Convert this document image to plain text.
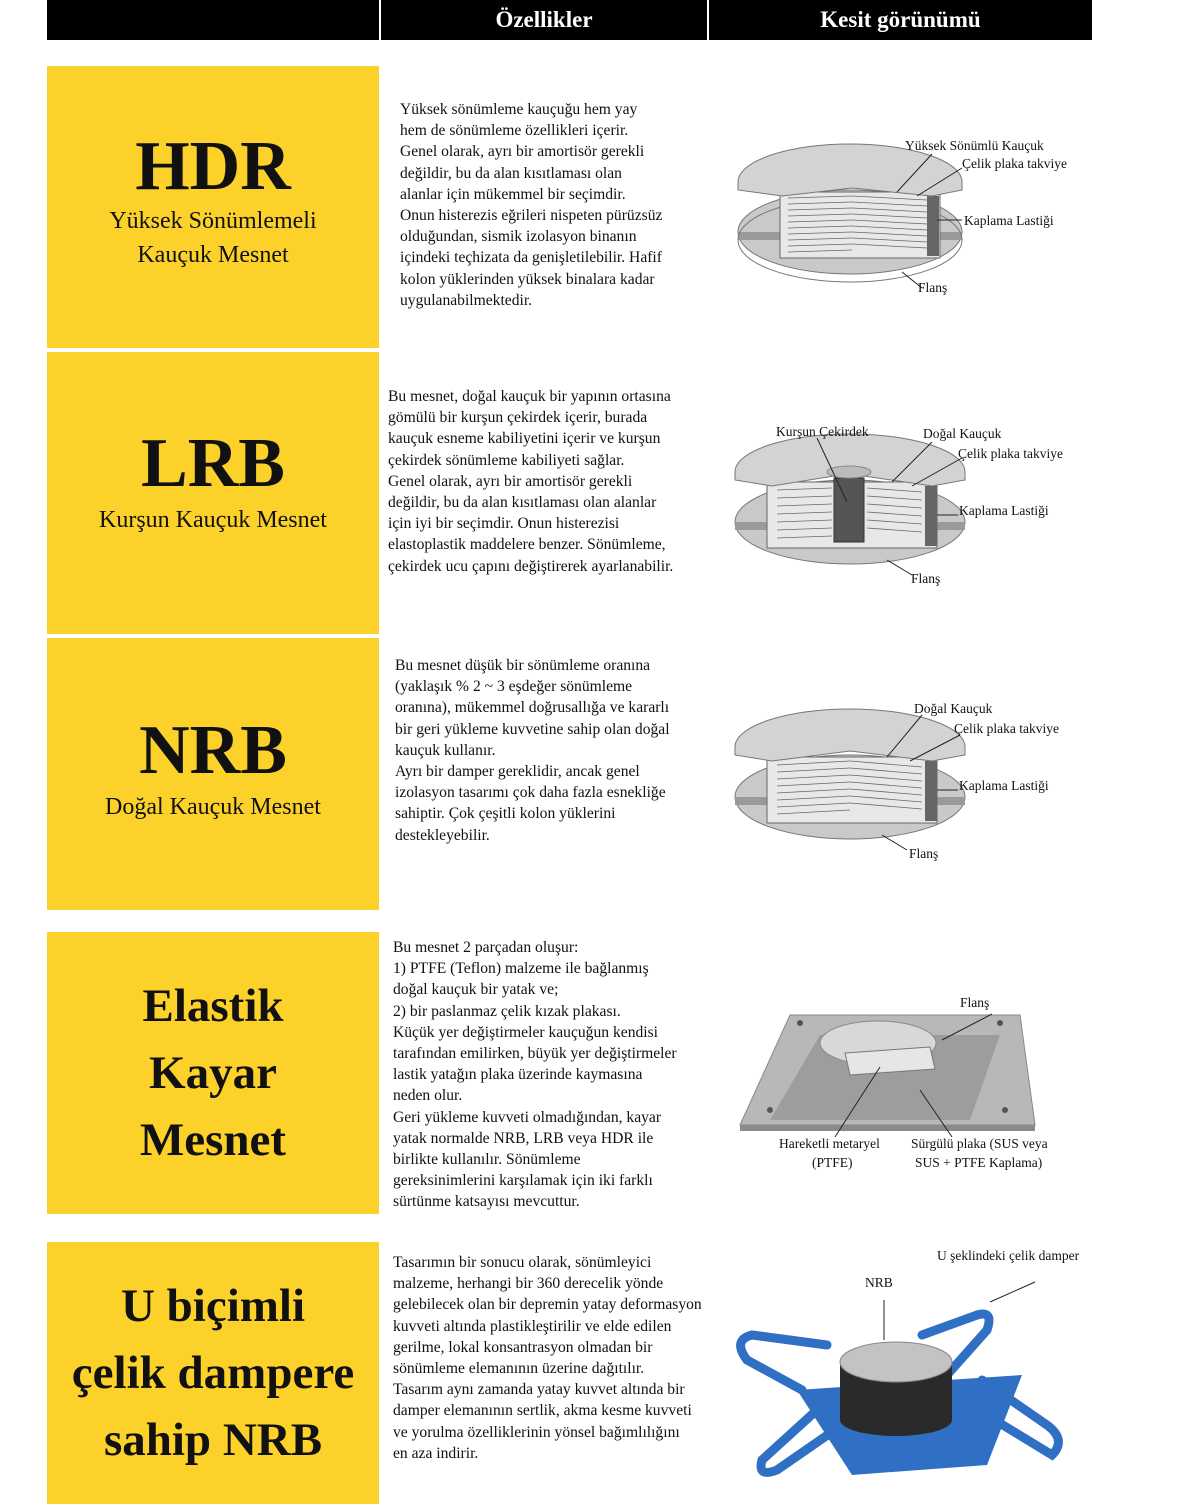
Özellikler	Kesit görünümü
HDR
Yüksek Sönümlemeli
Kauçuk Mesnet
Yüksek sönümleme kauçuğu hem yay
hem de sönümleme özellikleri içerir.
Genel olarak, ayrı bir amortisör gerekli
değildir, bu da alan kısıtlaması olan
alanlar için mükemmel bir seçimdir.
Onun histerezis eğrileri nispeten pürüzsüz
olduğundan, sismik izolasyon binanın
içindeki teçhizata da genişletilebilir. Hafif
kolon yüklerinden yüksek binalara kadar
uygulanabilmektedir.
Yüksek Sönümlü Kauçuk
Çelik plaka takviye
Kaplama Lastiği
Flanş
LRB
Kurşun Kauçuk Mesnet
Bu mesnet, doğal kauçuk bir yapının ortasına
gömülü bir kurşun çekirdek içerir, burada
kauçuk esneme kabiliyetini içerir ve kurşun
çekirdek sönümleme kabiliyeti sağlar.
Genel olarak, ayrı bir amortisör gerekli
değildir, bu da alan kısıtlaması olan alanlar
için iyi bir seçimdir. Onun histerezisi
elastoplastik maddelere benzer. Sönümleme,
çekirdek ucu çapını değiştirerek ayarlanabilir.
Kurşun Çekirdek	Doğal Kauçuk
Çelik plaka takviye
Kaplama Lastiği
Flanş
NRB
Doğal Kauçuk Mesnet
Bu mesnet düşük bir sönümleme oranına
(yaklaşık % 2 ~ 3 eşdeğer sönümleme
oranına), mükemmel doğrusallığa ve kararlı
bir geri yükleme kuvvetine sahip olan doğal
kauçuk kullanır.
Ayrı bir damper gereklidir, ancak genel
izolasyon tasarımı çok daha fazla esnekliğe
sahiptir. Çok çeşitli kolon yüklerini
destekleyebilir.
Doğal Kauçuk
Çelik plaka takviye
Kaplama Lastiği
Flanş
Elastik
Kayar
Mesnet
Bu mesnet 2 parçadan oluşur:
1) PTFE (Teflon) malzeme ile bağlanmış
doğal kauçuk bir yatak ve;
2) bir paslanmaz çelik kızak plakası.
Küçük yer değiştirmeler kauçuğun kendisi
tarafından emilirken, büyük yer değiştirmeler
lastik yatağın plaka üzerinde kaymasına
neden olur.
Geri yükleme kuvveti olmadığından, kayar
yatak normalde NRB, LRB veya HDR ile
birlikte kullanılır. Sönümleme
gereksinimlerini karşılamak için iki farklı
sürtünme katsayısı mevcuttur.
Flanş
Hareketli metaryel
(PTFE)
Sürgülü plaka (SUS veya
SUS + PTFE Kaplama)
U biçimli
çelik dampere
sahip NRB
Tasarımın bir sonucu olarak, sönümleyici
malzeme, herhangi bir 360 derecelik yönde
gelebilecek olan bir depremin yatay deformasyon
kuvveti altında plastikleştirilir ve elde edilen
gerilme, lokal konsantrasyon olmadan bir
sönümleme elemanının üzerine dağıtılır.
Tasarım aynı zamanda yatay kuvvet altında bir
damper elemanının sertlik, akma kesme kuvveti
ve yorulma özelliklerinin yönsel bağımlılığını
en aza indirir.
U şeklindeki çelik damper
NRB
